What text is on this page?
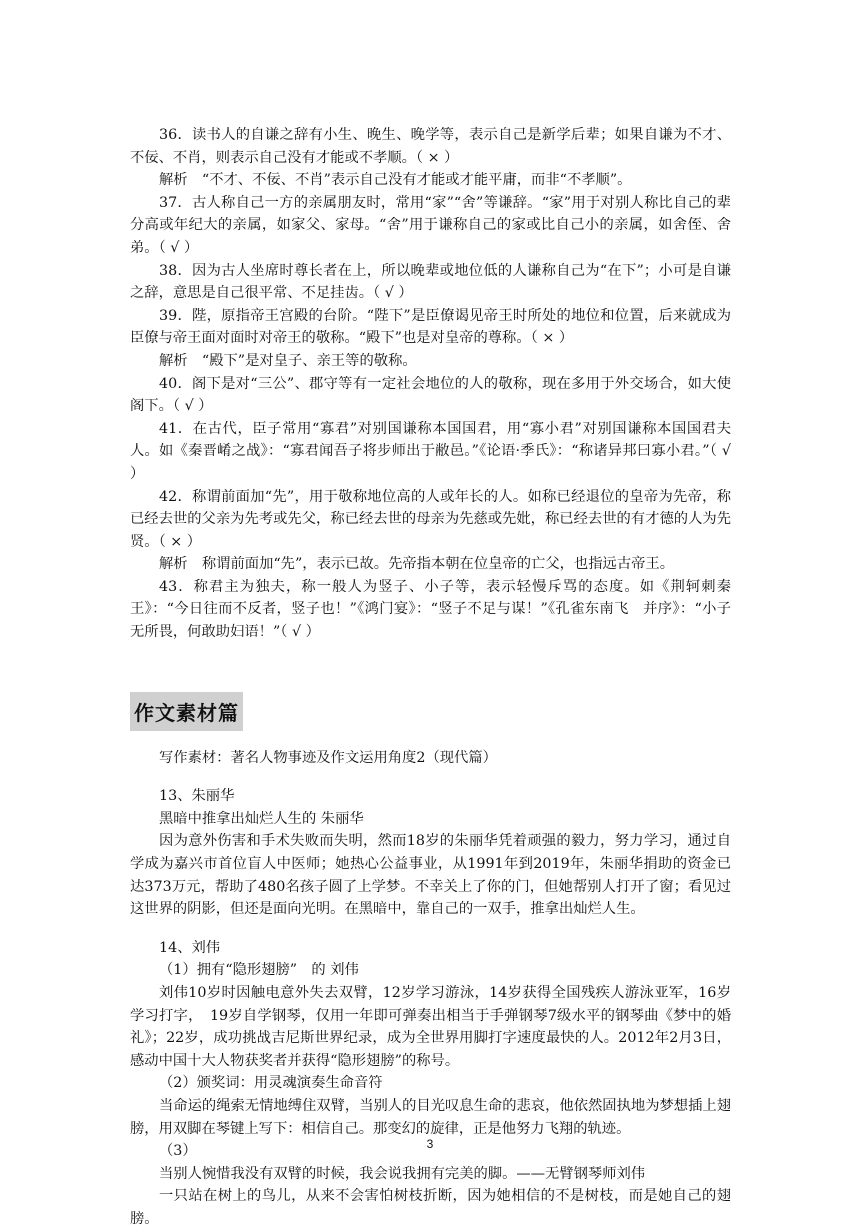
36．读书人的自谦之辞有小生、晚生、晚学等，表示自己是新学后辈；如果自谦为不才、不佞、不肖，则表示自己没有才能或不孝顺。（ × ）

解析　“不才、不佞、不肖”表示自己没有才能或才能平庸，而非“不孝顺”。

37．古人称自己一方的亲属朋友时，常用“家”“舍”等谦辞。“家”用于对别人称比自己的辈分高或年纪大的亲属，如家父、家母。“舍”用于谦称自己的家或比自己小的亲属，如舍侄、舍弟。（ √ ）

38．因为古人坐席时尊长者在上，所以晚辈或地位低的人谦称自己为“在下”；小可是自谦之辞，意思是自己很平常、不足挂齿。（ √ ）

39．陛，原指帝王宫殿的台阶。“陛下”是臣僚谒见帝王时所处的地位和位置，后来就成为臣僚与帝王面对面时对帝王的敬称。“殿下”也是对皇帝的尊称。（ × ）

解析　“殿下”是对皇子、亲王等的敬称。

40．阁下是对“三公”、郡守等有一定社会地位的人的敬称，现在多用于外交场合，如大使阁下。（ √ ）

41．在古代，臣子常用“寡君”对别国谦称本国国君，用“寡小君”对别国谦称本国国君夫人。如《秦晋崤之战》：“寡君闻吾子将步师出于敝邑。”《论语·季氏》：“称诸异邦曰寡小君。”（ √ ）

42．称谓前面加“先”，用于敬称地位高的人或年长的人。如称已经退位的皇帝为先帝，称已经去世的父亲为先考或先父，称已经去世的母亲为先慈或先妣，称已经去世的有才德的人为先贤。（ × ）

解析　称谓前面加“先”，表示已故。先帝指本朝在位皇帝的亡父，也指远古帝王。

43．称君主为独夫，称一般人为竖子、小子等，表示轻慢斥骂的态度。如《荆轲刺秦王》：“今日往而不反者，竖子也！”《鸿门宴》：“竖子不足与谋！”《孔雀东南飞　并序》：“小子无所畏，何敢助妇语！”（ √ ）

作文素材篇

写作素材：著名人物事迹及作文运用角度2（现代篇）

13、朱丽华

黑暗中推拿出灿烂人生的 朱丽华

因为意外伤害和手术失败而失明，然而18岁的朱丽华凭着顽强的毅力，努力学习，通过自学成为嘉兴市首位盲人中医师；她热心公益事业，从1991年到2019年，朱丽华捐助的资金已达373万元，帮助了480名孩子圆了上学梦。不幸关上了你的门，但她帮别人打开了窗；看见过这世界的阴影，但还是面向光明。在黑暗中，靠自己的一双手，推拿出灿烂人生。

14、刘伟

（1）拥有“隐形翅膀”　的 刘伟

刘伟10岁时因触电意外失去双臂，12岁学习游泳，14岁获得全国残疾人游泳亚军，16岁学习打字，　19岁自学钢琴，仅用一年即可弹奏出相当于手弹钢琴7级水平的钢琴曲《梦中的婚礼》；22岁，成功挑战吉尼斯世界纪录，成为全世界用脚打字速度最快的人。2012年2月3日，感动中国十大人物获奖者并获得“隐形翅膀”的称号。

（2）颁奖词：用灵魂演奏生命音符

当命运的绳索无情地缚住双臂，当别人的目光叹息生命的悲哀，他依然固执地为梦想插上翅膀，用双脚在琴键上写下：相信自己。那变幻的旋律，正是他努力飞翔的轨迹。

（3）

当别人惋惜我没有双臂的时候，我会说我拥有完美的脚。——无臂钢琴师刘伟

一只站在树上的鸟儿，从来不会害怕树枝折断，因为她相信的不是树枝，而是她自己的翅膀。

3
